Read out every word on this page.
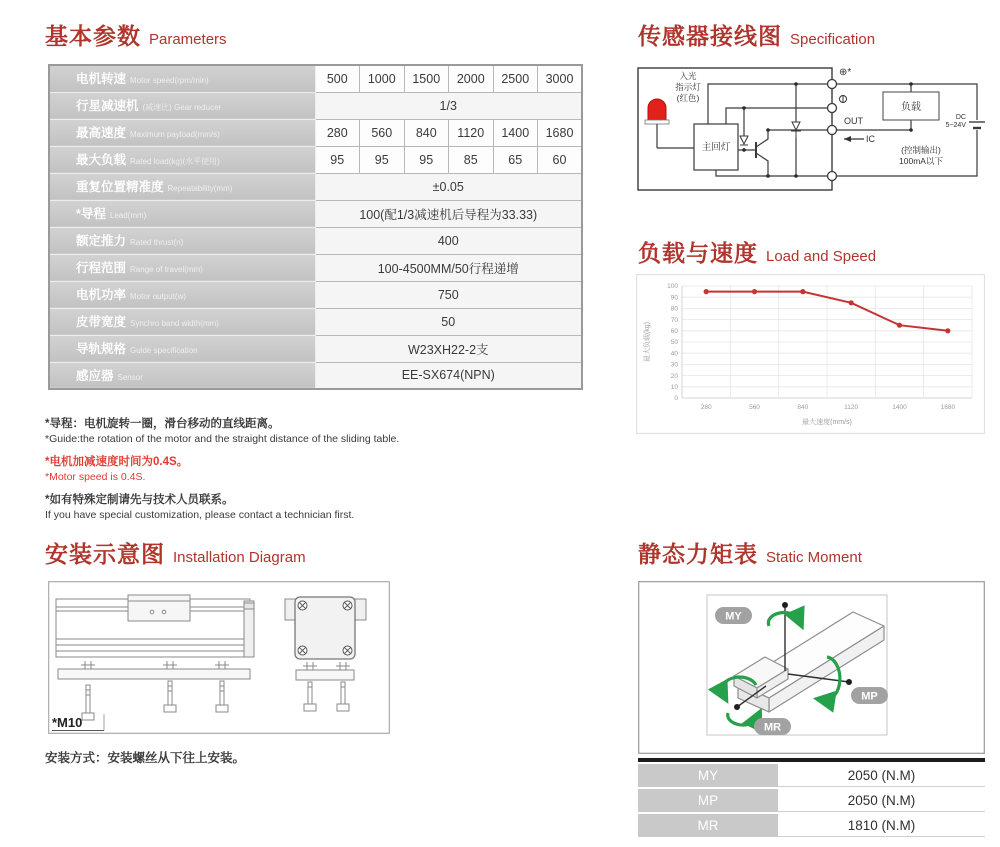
基本参数 Parameters	传感器接线图 Specification
负载与速度 Load and Speed
安装示意图 Installation Diagram	静态力矩表 Static Moment
电机转速 Motor speed(rpm/min)	500	1000	1500	2000	2500	3000
行星减速机 (减速比) Gear reducer	1/3					
最高速度 Maximum payload(mm/s)	280	560	840	1120	1400	1680
最大负载 Rated load(kg)(水平使用)	95	95	95	85	65	60
重复位置精准度 Repeatability(mm)	±0.05					
*导程 Lead(mm)	100(配1/3减速机后导程为33.33)					
额定推力 Rated thrust(n)	400					
行程范围 Range of travel(mm)	100-4500MM/50行程递增					
电机功率 Motor output(w)	750					
皮带宽度 Synchro band width(mm)	50					
导轨规格 Guide specification	W23XH22-2支					
感应器 Sensor	EE-SX674(NPN)					
*导程：电机旋转一圈，滑台移动的直线距离。
*Guide:the rotation of the motor and the straight distance of the sliding table.
*电机加减速度时间为0.4S。
*Motor speed is 0.4S.
*如有特殊定制请先与技术人员联系。
If you have special customization, please contact a technician first.
入光
指示灯
(红色)
主回灯
⊕*
负载
OUT
IC
(控制输出)
100mA以下
DC
5~24V
0
10
20
30
40
50
60
70
80
90
100
280	560	840	1120	1400	1680
最大速度(mm/s)
最大负载(kg)
*M10
安装方式：安装螺丝从下往上安装。
MY
MP
MR
MY	2050 (N.M)
MP	2050 (N.M)
MR	1810 (N.M)
